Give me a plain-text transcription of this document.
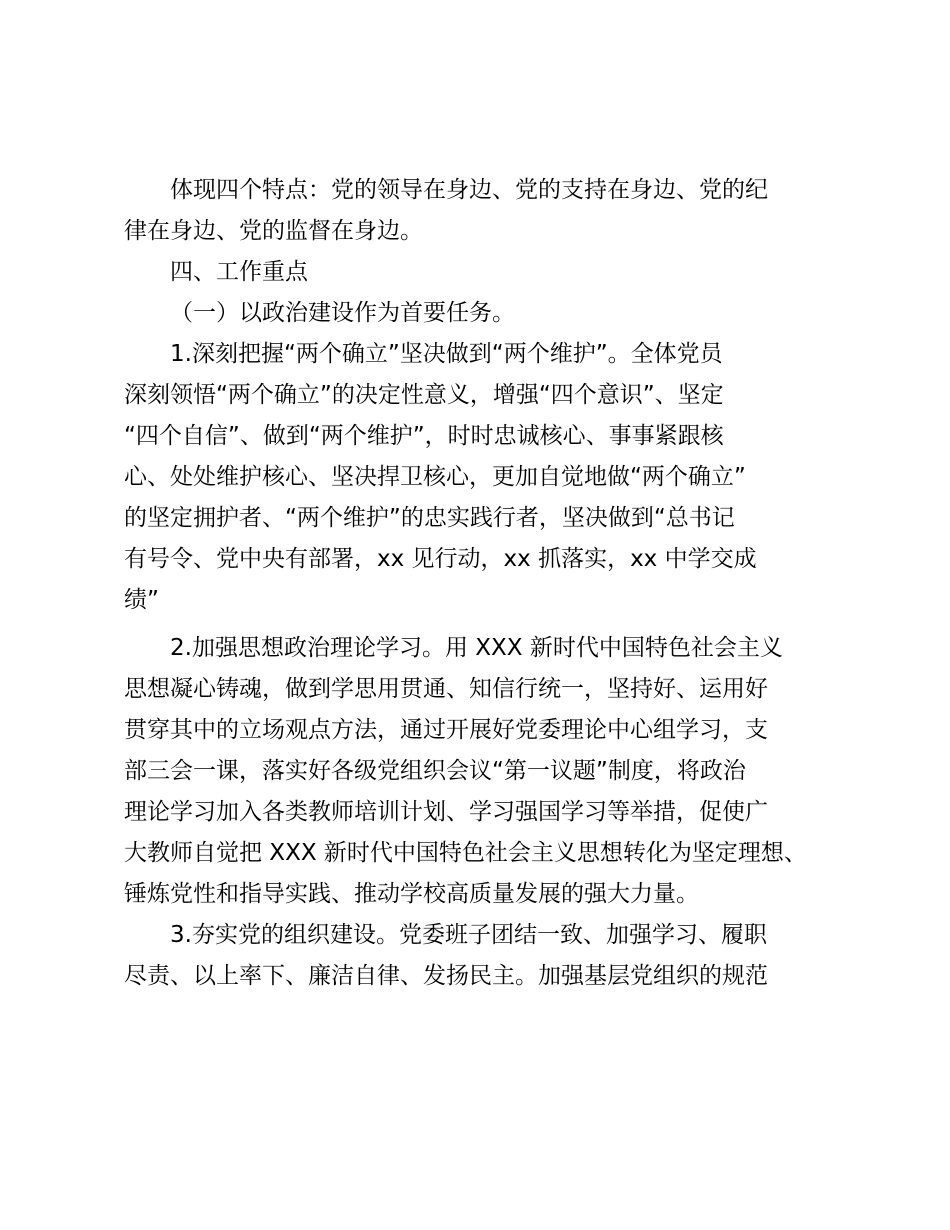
体现四个特点：党的领导在身边、党的支持在身边、党的纪
律在身边、党的监督在身边。
四、工作重点
（一）以政治建设作为首要任务。
1.深刻把握“两个确立”坚决做到“两个维护”。全体党员
深刻领悟“两个确立”的决定性意义，增强“四个意识”、坚定
“四个自信”、做到“两个维护”，时时忠诚核心、事事紧跟核
心、处处维护核心、坚决捍卫核心，更加自觉地做“两个确立”
的坚定拥护者、“两个维护”的忠实践行者，坚决做到“总书记
有号令、党中央有部署，xx 见行动，xx 抓落实，xx 中学交成
绩”
2.加强思想政治理论学习。用 XXX 新时代中国特色社会主义
思想凝心铸魂，做到学思用贯通、知信行统一，坚持好、运用好
贯穿其中的立场观点方法，通过开展好党委理论中心组学习，支
部三会一课，落实好各级党组织会议“第一议题”制度，将政治
理论学习加入各类教师培训计划、学习强国学习等举措，促使广
大教师自觉把 XXX 新时代中国特色社会主义思想转化为坚定理想、
锤炼党性和指导实践、推动学校高质量发展的强大力量。
3.夯实党的组织建设。党委班子团结一致、加强学习、履职
尽责、以上率下、廉洁自律、发扬民主。加强基层党组织的规范
